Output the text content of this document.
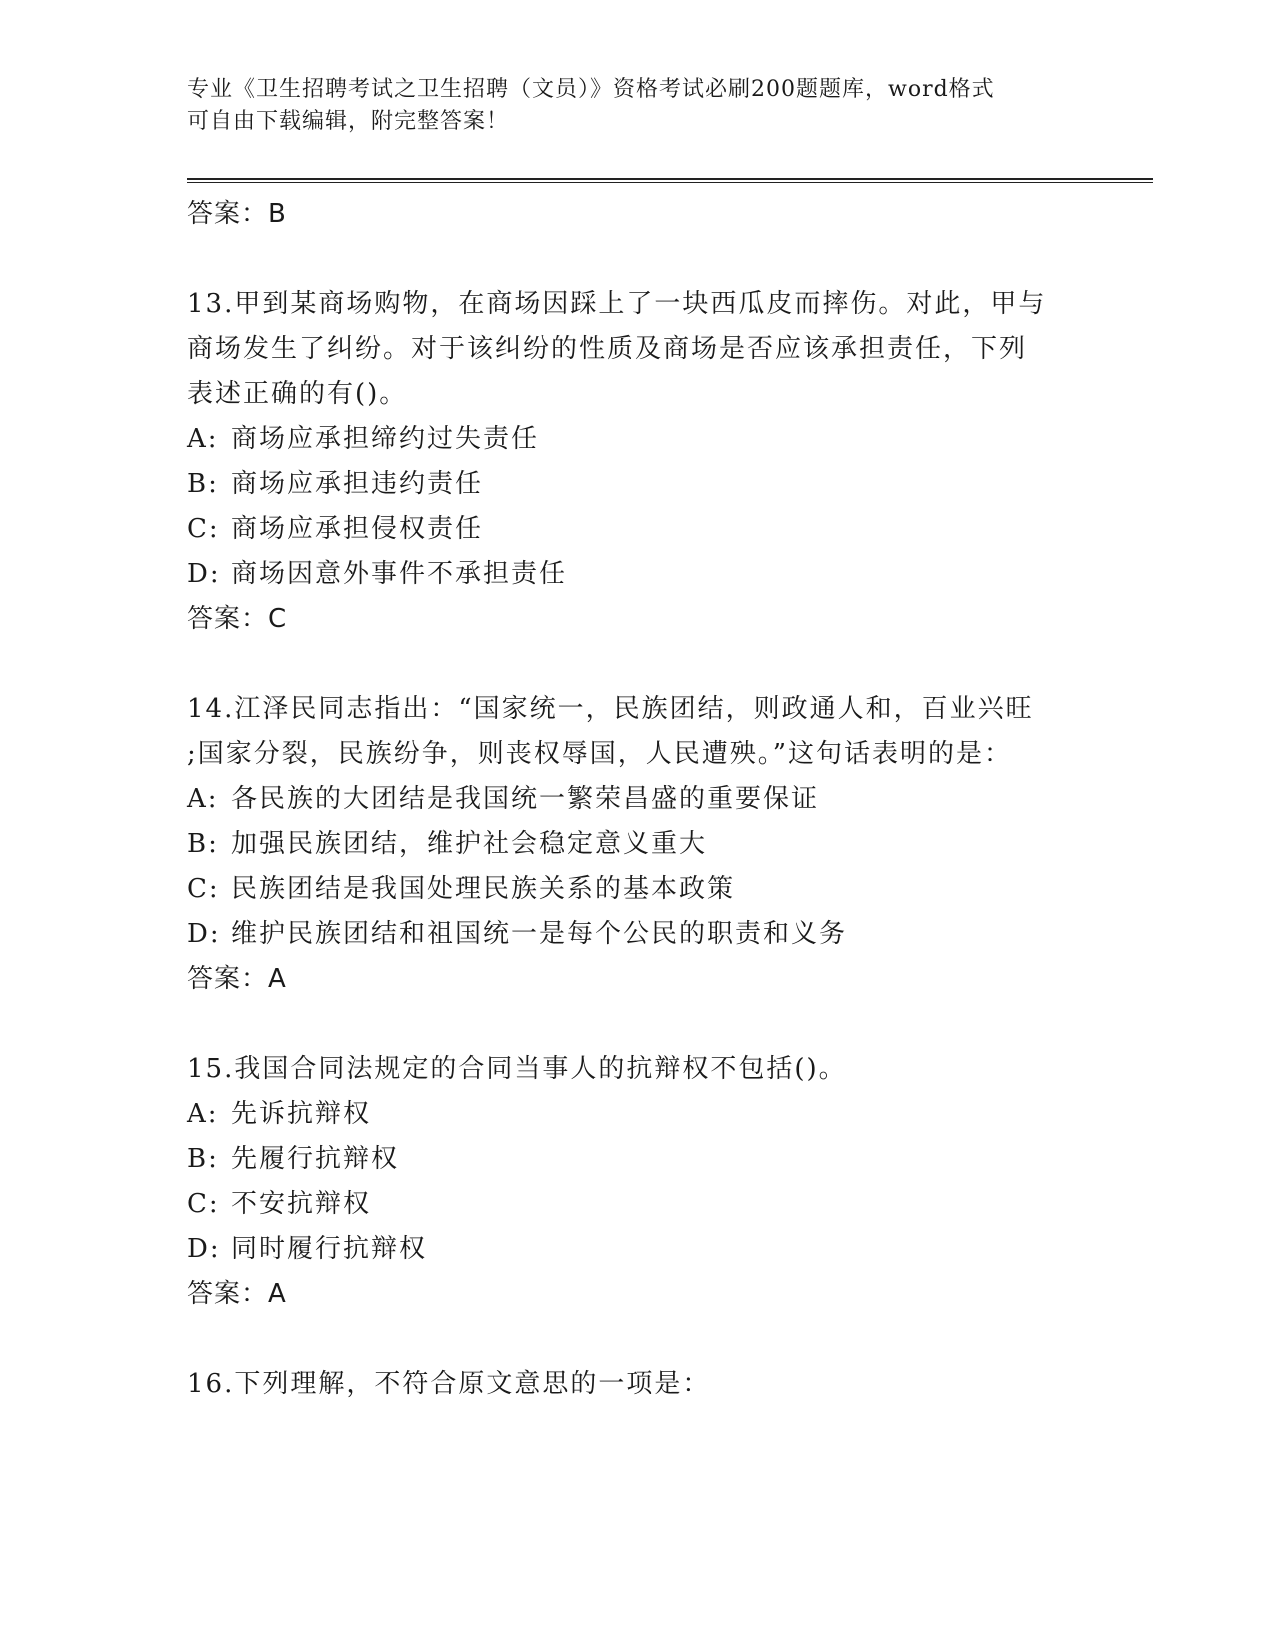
专业《卫生招聘考试之卫生招聘（文员）》资格考试必刷200题题库，word格式
可自由下载编辑，附完整答案！
答案：B
13.甲到某商场购物，在商场因踩上了一块西瓜皮而摔伤。对此，甲与
商场发生了纠纷。对于该纠纷的性质及商场是否应该承担责任，下列
表述正确的有()。
A: 商场应承担缔约过失责任
B: 商场应承担违约责任
C: 商场应承担侵权责任
D: 商场因意外事件不承担责任
答案：C
14.江泽民同志指出：“国家统一，民族团结，则政通人和，百业兴旺
;国家分裂，民族纷争，则丧权辱国，人民遭殃。”这句话表明的是：
A: 各民族的大团结是我国统一繁荣昌盛的重要保证
B: 加强民族团结，维护社会稳定意义重大
C: 民族团结是我国处理民族关系的基本政策
D: 维护民族团结和祖国统一是每个公民的职责和义务
答案：A
15.我国合同法规定的合同当事人的抗辩权不包括()。
A: 先诉抗辩权
B: 先履行抗辩权
C: 不安抗辩权
D: 同时履行抗辩权
答案：A
16.下列理解，不符合原文意思的一项是：
